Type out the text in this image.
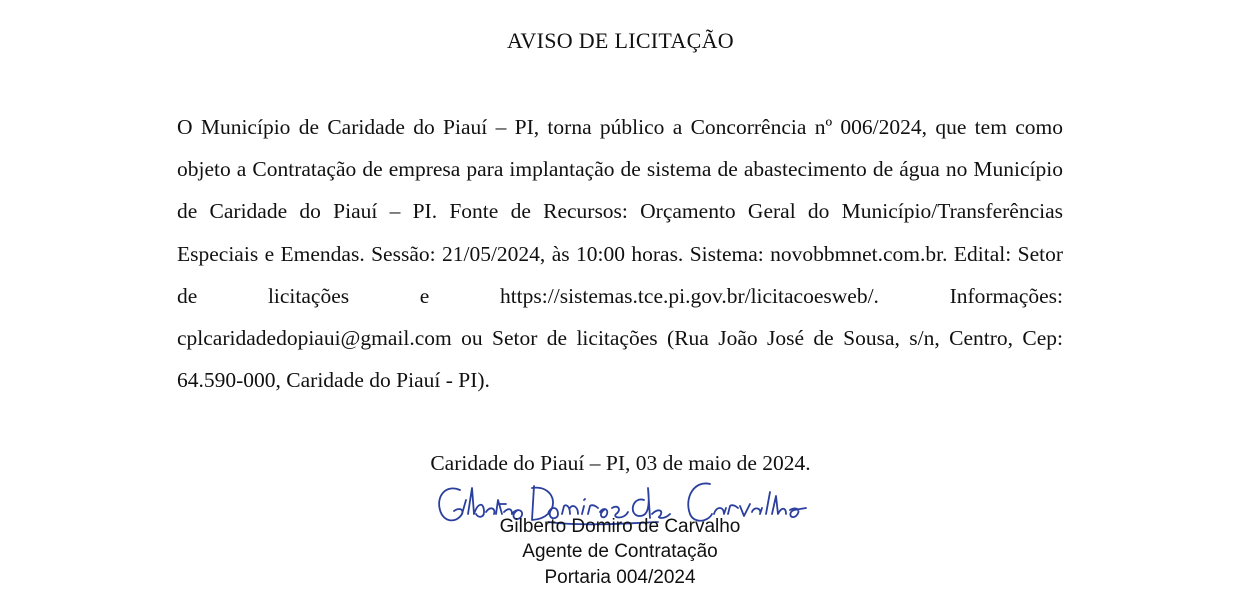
AVISO DE LICITAÇÃO

O Município de Caridade do Piauí – PI, torna público a Concorrência nº 006/2024, que tem como objeto a Contratação de empresa para implantação de sistema de abastecimento de água no Município de Caridade do Piauí – PI. Fonte de Recursos: Orçamento Geral do Município/Transferências Especiais e Emendas. Sessão: 21/05/2024, às 10:00 horas. Sistema: novobbmnet.com.br. Edital: Setor de licitações e https://sistemas.tce.pi.gov.br/licitacoesweb/. Informações: cplcaridadedopiaui@gmail.com ou Setor de licitações (Rua João José de Sousa, s/n, Centro, Cep: 64.590-000, Caridade do Piauí - PI).

Caridade do Piauí – PI, 03 de maio de 2024.
Gilberto Domiro de Carvalho
Agente de Contratação
Portaria 004/2024
